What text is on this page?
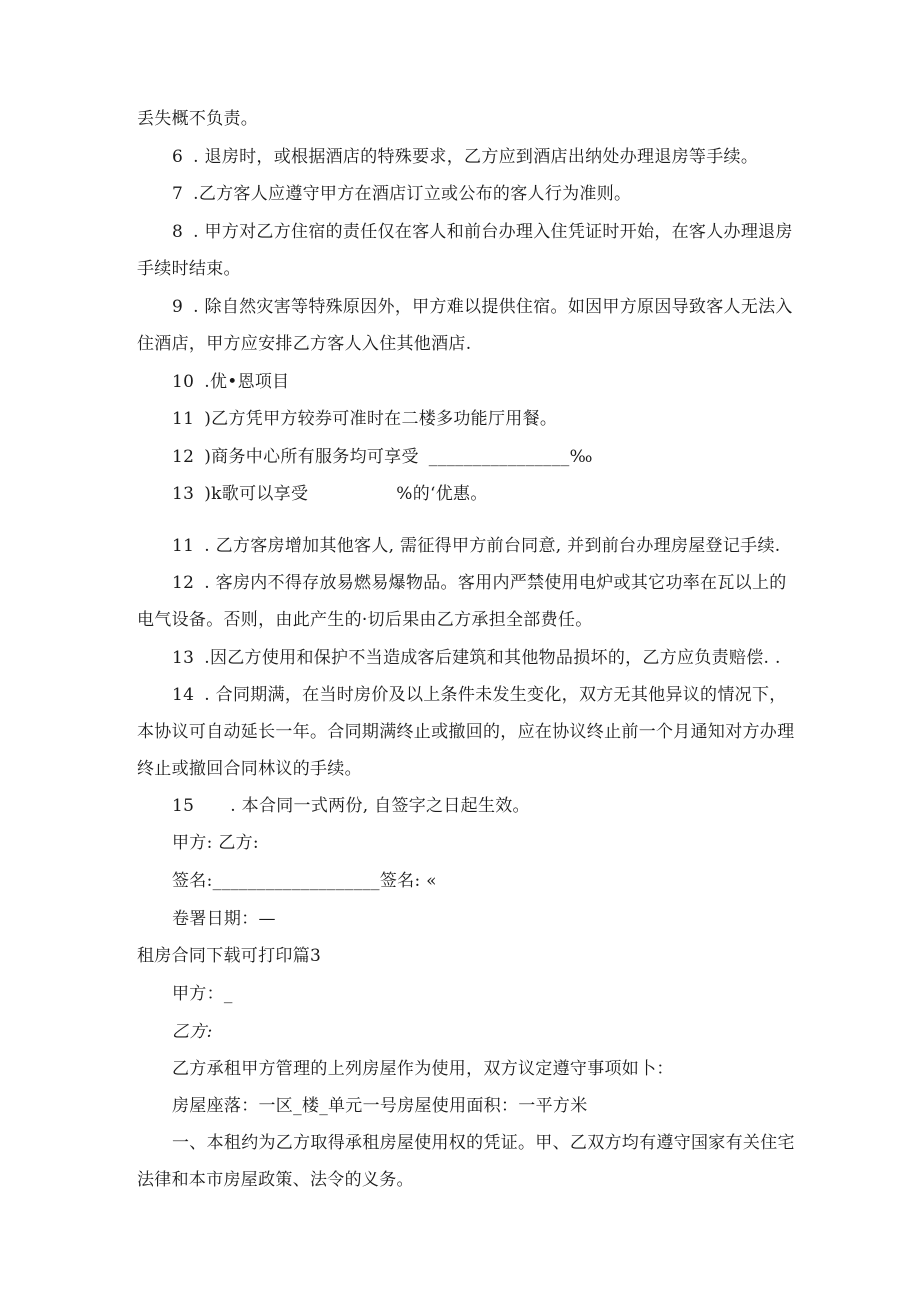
丢失概不负责。
6 . 退房时，或根据酒店的特殊要求，乙方应到酒店出纳处办理退房等手续。
7 .乙方客人应遵守甲方在酒店订立或公布的客人行为准则。
8 . 甲方对乙方住宿的责任仅在客人和前台办理入住凭证时开始，在客人办理退房
手续时结束。
9 . 除自然灾害等特殊原因外，甲方难以提供住宿。如因甲方原因导致客人无法入
住酒店，甲方应安排乙方客人入住其他酒店.
10 .优•恩项目
11 )乙方凭甲方较券可准时在二楼多功能厅用餐。
12 )商务中心所有服务均可享受 ________________‰
13 )k歌可以享受	%的‘优惠。
11 . 乙方客房增加其他客人, 需征得甲方前台同意, 并到前台办理房屋登记手续.
12 . 客房内不得存放易燃易爆物品。客用内严禁使用电炉或其它功率在瓦以上的
电气设备。否则，由此产生的·切后果由乙方承担全部费任。
13 .因乙方使用和保护不当造成客后建筑和其他物品损坏的，乙方应负责赔偿. .
14 . 合同期满，在当时房价及以上条件未发生变化，双方无其他异议的情况下，
本协议可自动延长一年。合同期满终止或撤回的，应在协议终止前一个月通知对方办理
终止或撤回合同林议的手续。
15 . 本合同一式两份, 自签字之日起生效。
甲方: 乙方:
签名:___________________签名: «
卷署日期：—
租房合同下载可打印篇3
甲方：_
乙方:
乙方承租甲方管理的上列房屋作为使用，双方议定遵守事项如卜：
房屋座落：一区_楼_单元一号房屋使用面积：一平方米
一、本租约为乙方取得承租房屋使用权的凭证。甲、乙双方均有遵守国家有关住宅
法律和本市房屋政策、法令的义务。
